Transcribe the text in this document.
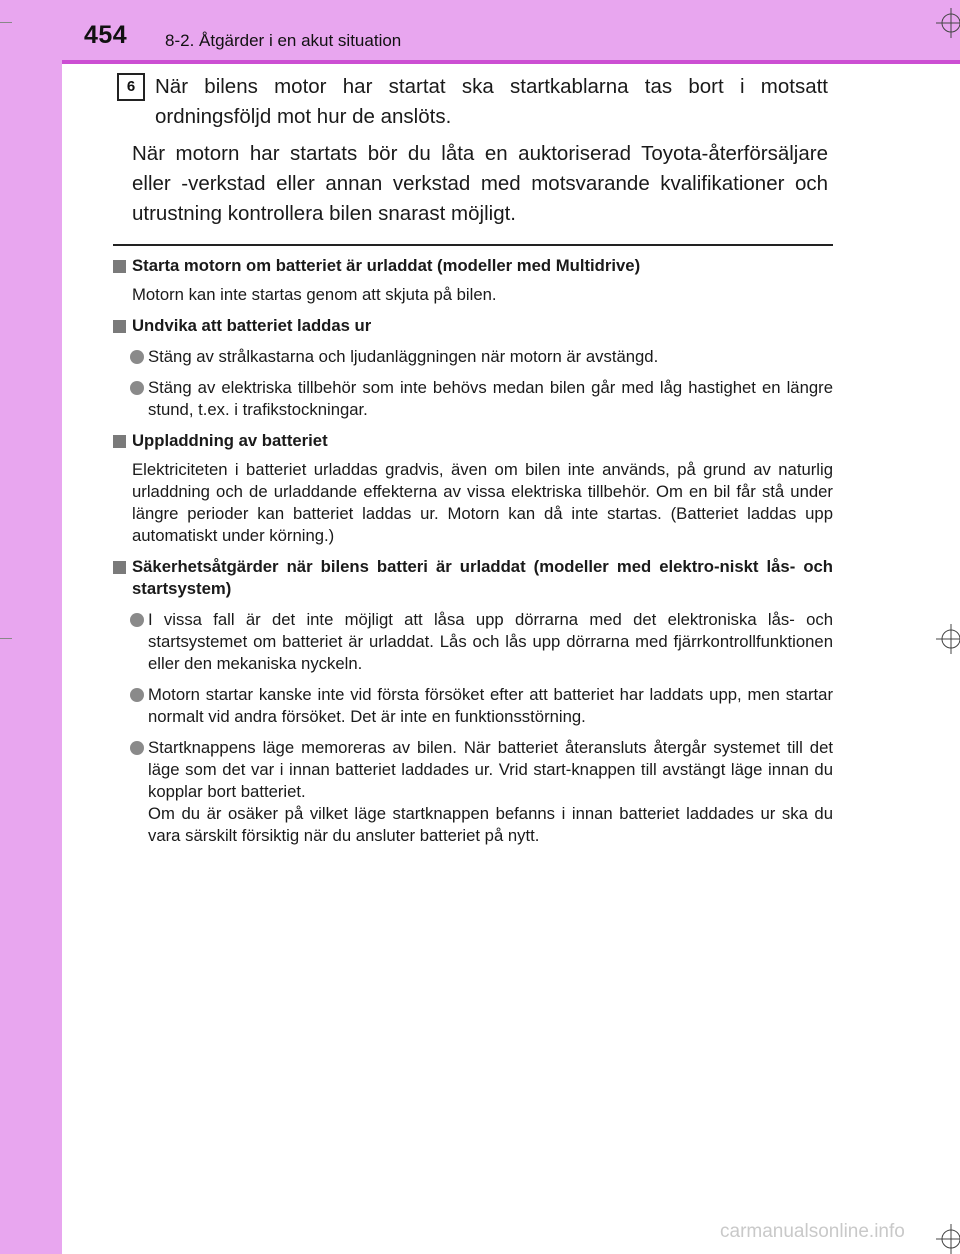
454 8-2. Åtgärder i en akut situation
6 När bilens motor har startat ska startkablarna tas bort i motsatt ordningsföljd mot hur de anslöts.
När motorn har startats bör du låta en auktoriserad Toyota-återförsäljare eller -verkstad eller annan verkstad med motsvarande kvalifikationer och utrustning kontrollera bilen snarast möjligt.
Starta motorn om batteriet är urladdat (modeller med Multidrive)
Motorn kan inte startas genom att skjuta på bilen.
Undvika att batteriet laddas ur
Stäng av strålkastarna och ljudanläggningen när motorn är avstängd.
Stäng av elektriska tillbehör som inte behövs medan bilen går med låg hastighet en längre stund, t.ex. i trafikstockningar.
Uppladdning av batteriet
Elektriciteten i batteriet urladdas gradvis, även om bilen inte används, på grund av naturlig urladdning och de urladdande effekterna av vissa elektriska tillbehör. Om en bil får stå under längre perioder kan batteriet laddas ur. Motorn kan då inte startas. (Batteriet laddas upp automatiskt under körning.)
Säkerhetsåtgärder när bilens batteri är urladdat (modeller med elektro-niskt lås- och startsystem)
I vissa fall är det inte möjligt att låsa upp dörrarna med det elektroniska lås- och startsystemet om batteriet är urladdat. Lås och lås upp dörrarna med fjärrkontrollfunktionen eller den mekaniska nyckeln.
Motorn startar kanske inte vid första försöket efter att batteriet har laddats upp, men startar normalt vid andra försöket. Det är inte en funktionsstörning.
Startknappens läge memoreras av bilen. När batteriet återansluts återgår systemet till det läge som det var i innan batteriet laddades ur. Vrid start-knappen till avstängt läge innan du kopplar bort batteriet.
Om du är osäker på vilket läge startknappen befanns i innan batteriet laddades ur ska du vara särskilt försiktig när du ansluter batteriet på nytt.
carmanualsonline.info
